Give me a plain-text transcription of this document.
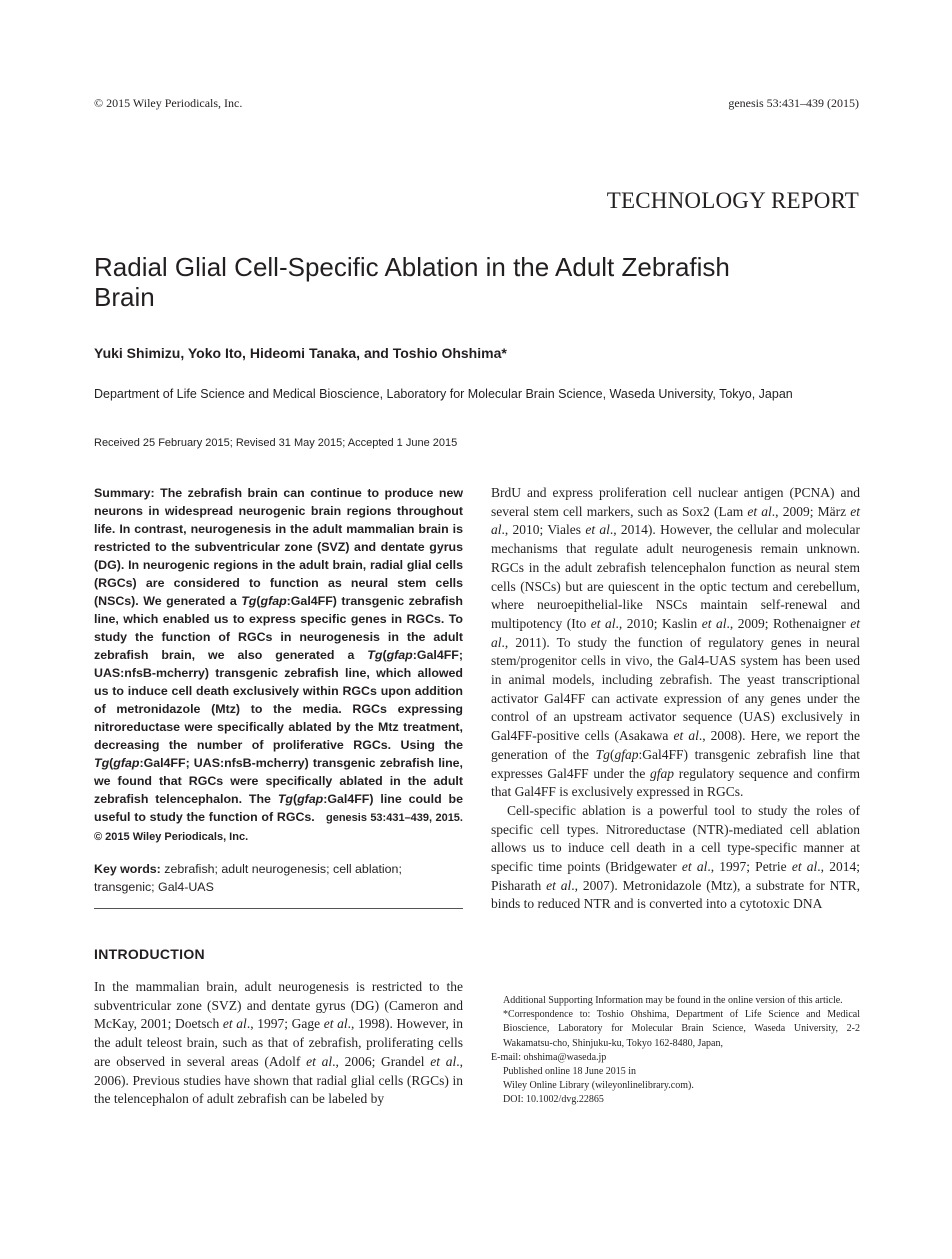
© 2015 Wiley Periodicals, Inc.	genesis 53:431–439 (2015)
TECHNOLOGY REPORT
Radial Glial Cell-Specific Ablation in the Adult Zebrafish Brain
Yuki Shimizu, Yoko Ito, Hideomi Tanaka, and Toshio Ohshima*
Department of Life Science and Medical Bioscience, Laboratory for Molecular Brain Science, Waseda University, Tokyo, Japan
Received 25 February 2015; Revised 31 May 2015; Accepted 1 June 2015

Summary: The zebrafish brain can continue to produce new neurons in widespread neurogenic brain regions throughout life. In contrast, neurogenesis in the adult mammalian brain is restricted to the subventricular zone (SVZ) and dentate gyrus (DG). In neurogenic regions in the adult brain, radial glial cells (RGCs) are considered to function as neural stem cells (NSCs). We generated a Tg(gfap:Gal4FF) transgenic zebrafish line, which enabled us to express specific genes in RGCs. To study the function of RGCs in neurogenesis in the adult zebrafish brain, we also generated a Tg(gfap:Gal4FF; UAS:nfsB-mcherry) transgenic zebrafish line, which allowed us to induce cell death exclusively within RGCs upon addition of metronidazole (Mtz) to the media. RGCs expressing nitroreductase were specifically ablated by the Mtz treatment, decreasing the number of proliferative RGCs. Using the Tg(gfap:Gal4FF; UAS:nfsB-mcherry) transgenic zebrafish line, we found that RGCs were specifically ablated in the adult zebrafish telencephalon. The Tg(gfap:Gal4FF) line could be useful to study the function of RGCs. genesis 53:431–439, 2015. © 2015 Wiley Periodicals, Inc.

Key words: zebrafish; adult neurogenesis; cell ablation; transgenic; Gal4-UAS
INTRODUCTION

In the mammalian brain, adult neurogenesis is restricted to the subventricular zone (SVZ) and dentate gyrus (DG) (Cameron and McKay, 2001; Doetsch et al., 1997; Gage et al., 1998). However, in the adult teleost brain, such as that of zebrafish, proliferating cells are observed in several areas (Adolf et al., 2006; Grandel et al., 2006). Previous studies have shown that radial glial cells (RGCs) in the telencephalon of adult zebrafish can be labeled by

BrdU and express proliferation cell nuclear antigen (PCNA) and several stem cell markers, such as Sox2 (Lam et al., 2009; März et al., 2010; Viales et al., 2014). However, the cellular and molecular mechanisms that regulate adult neurogenesis remain unknown. RGCs in the adult zebrafish telencephalon function as neural stem cells (NSCs) but are quiescent in the optic tectum and cerebellum, where neuroepithelial-like NSCs maintain self-renewal and multipotency (Ito et al., 2010; Kaslin et al., 2009; Rothenaigner et al., 2011). To study the function of regulatory genes in neural stem/progenitor cells in vivo, the Gal4-UAS system has been used in animal models, including zebrafish. The yeast transcriptional activator Gal4FF can activate expression of any genes under the control of an upstream activator sequence (UAS) exclusively in Gal4FF-positive cells (Asakawa et al., 2008). Here, we report the generation of the Tg(gfap:Gal4FF) transgenic zebrafish line that expresses Gal4FF under the gfap regulatory sequence and confirm that Gal4FF is exclusively expressed in RGCs.

Cell-specific ablation is a powerful tool to study the roles of specific cell types. Nitroreductase (NTR)-mediated cell ablation allows us to induce cell death in a cell type-specific manner at specific time points (Bridgewater et al., 1997; Petrie et al., 2014; Pisharath et al., 2007). Metronidazole (Mtz), a substrate for NTR, binds to reduced NTR and is converted into a cytotoxic DNA

Additional Supporting Information may be found in the online version of this article.
*Correspondence to: Toshio Ohshima, Department of Life Science and Medical Bioscience, Laboratory for Molecular Brain Science, Waseda University, 2-2 Wakamatsu-cho, Shinjuku-ku, Tokyo 162-8480, Japan,
E-mail: ohshima@waseda.jp
Published online 18 June 2015 in
Wiley Online Library (wileyonlinelibrary.com).
DOI: 10.1002/dvg.22865
